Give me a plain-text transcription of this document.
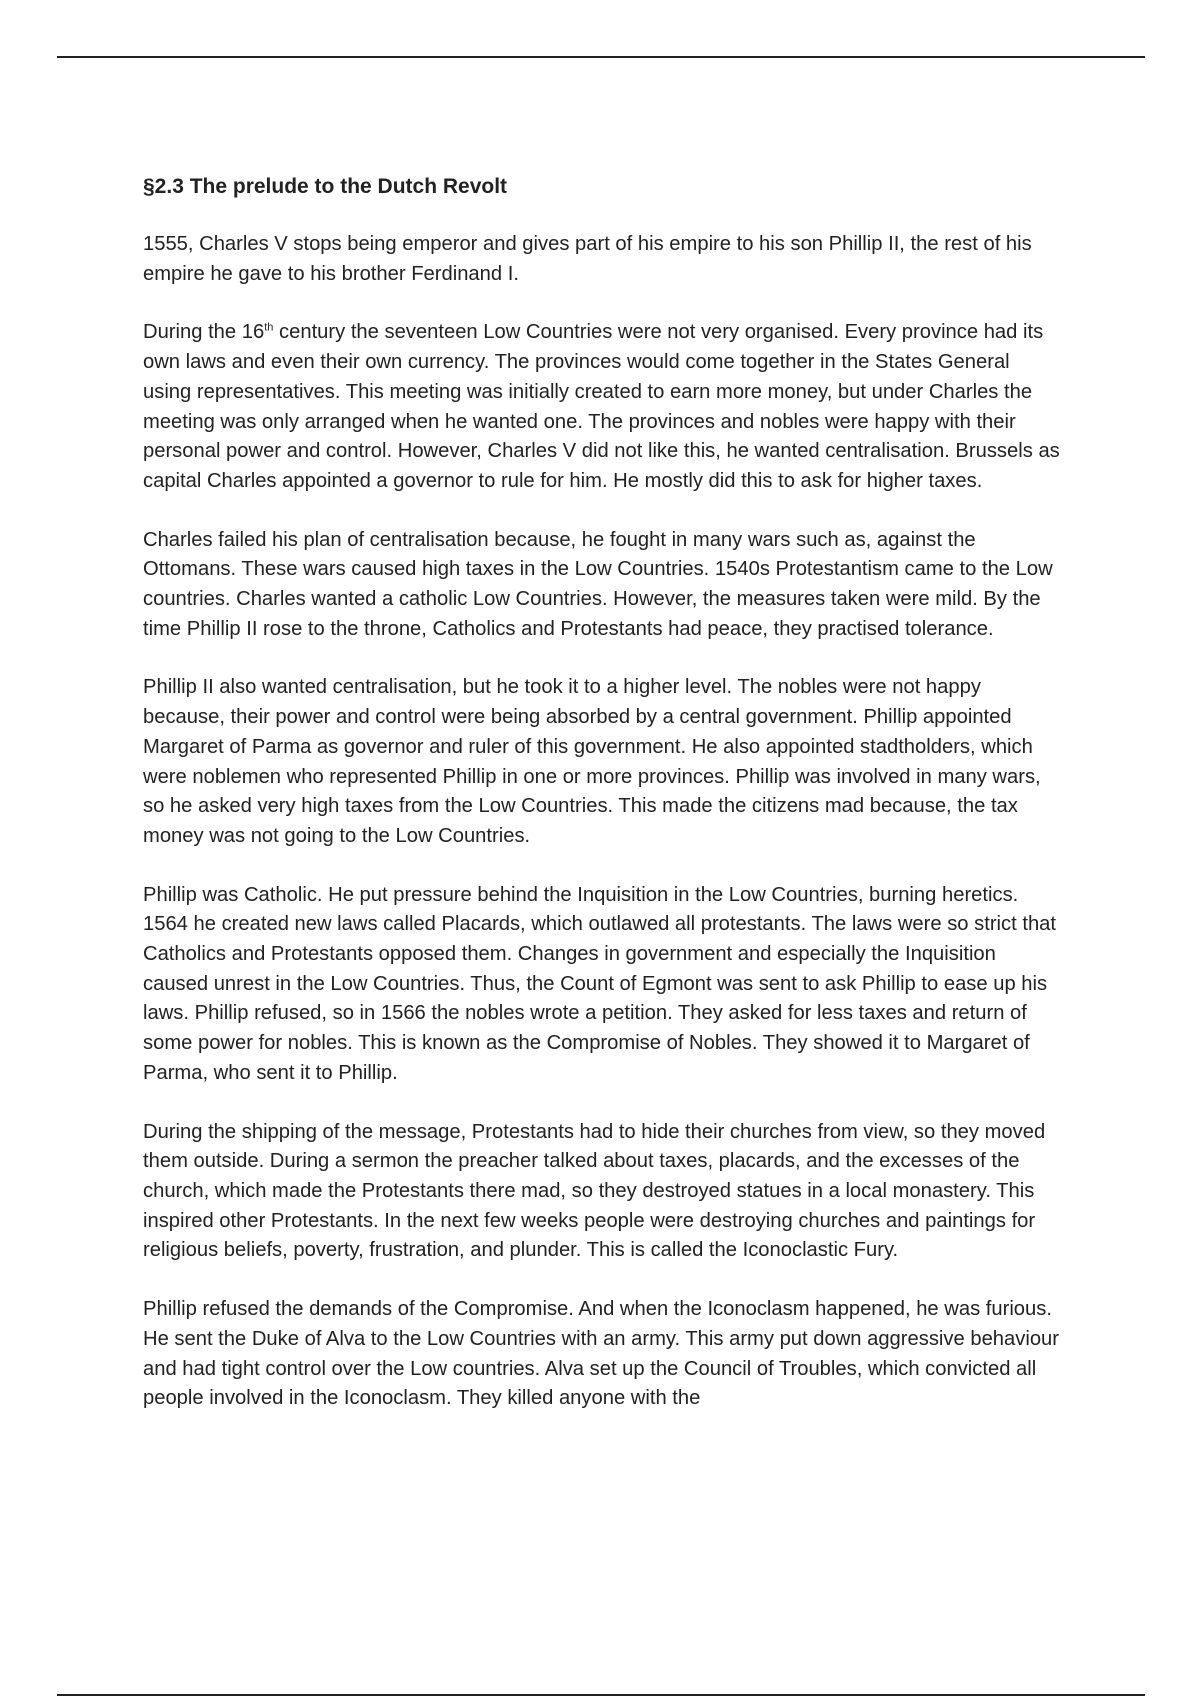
§2.3 The prelude to the Dutch Revolt

1555, Charles V stops being emperor and gives part of his empire to his son Phillip II, the rest of his empire he gave to his brother Ferdinand I.

During the 16th century the seventeen Low Countries were not very organised. Every province had its own laws and even their own currency. The provinces would come together in the States General using representatives. This meeting was initially created to earn more money, but under Charles the meeting was only arranged when he wanted one. The provinces and nobles were happy with their personal power and control. However, Charles V did not like this, he wanted centralisation. Brussels as capital Charles appointed a governor to rule for him. He mostly did this to ask for higher taxes.

Charles failed his plan of centralisation because, he fought in many wars such as, against the Ottomans. These wars caused high taxes in the Low Countries. 1540s Protestantism came to the Low countries. Charles wanted a catholic Low Countries. However, the measures taken were mild. By the time Phillip II rose to the throne, Catholics and Protestants had peace, they practised tolerance.

Phillip II also wanted centralisation, but he took it to a higher level. The nobles were not happy because, their power and control were being absorbed by a central government. Phillip appointed Margaret of Parma as governor and ruler of this government. He also appointed stadtholders, which were noblemen who represented Phillip in one or more provinces. Phillip was involved in many wars, so he asked very high taxes from the Low Countries. This made the citizens mad because, the tax money was not going to the Low Countries.

Phillip was Catholic. He put pressure behind the Inquisition in the Low Countries, burning heretics. 1564 he created new laws called Placards, which outlawed all protestants. The laws were so strict that Catholics and Protestants opposed them. Changes in government and especially the Inquisition caused unrest in the Low Countries. Thus, the Count of Egmont was sent to ask Phillip to ease up his laws. Phillip refused, so in 1566 the nobles wrote a petition. They asked for less taxes and return of some power for nobles. This is known as the Compromise of Nobles. They showed it to Margaret of Parma, who sent it to Phillip.

During the shipping of the message, Protestants had to hide their churches from view, so they moved them outside. During a sermon the preacher talked about taxes, placards, and the excesses of the church, which made the Protestants there mad, so they destroyed statues in a local monastery. This inspired other Protestants. In the next few weeks people were destroying churches and paintings for religious beliefs, poverty, frustration, and plunder. This is called the Iconoclastic Fury.

Phillip refused the demands of the Compromise. And when the Iconoclasm happened, he was furious. He sent the Duke of Alva to the Low Countries with an army. This army put down aggressive behaviour and had tight control over the Low countries. Alva set up the Council of Troubles, which convicted all people involved in the Iconoclasm. They killed anyone with the
